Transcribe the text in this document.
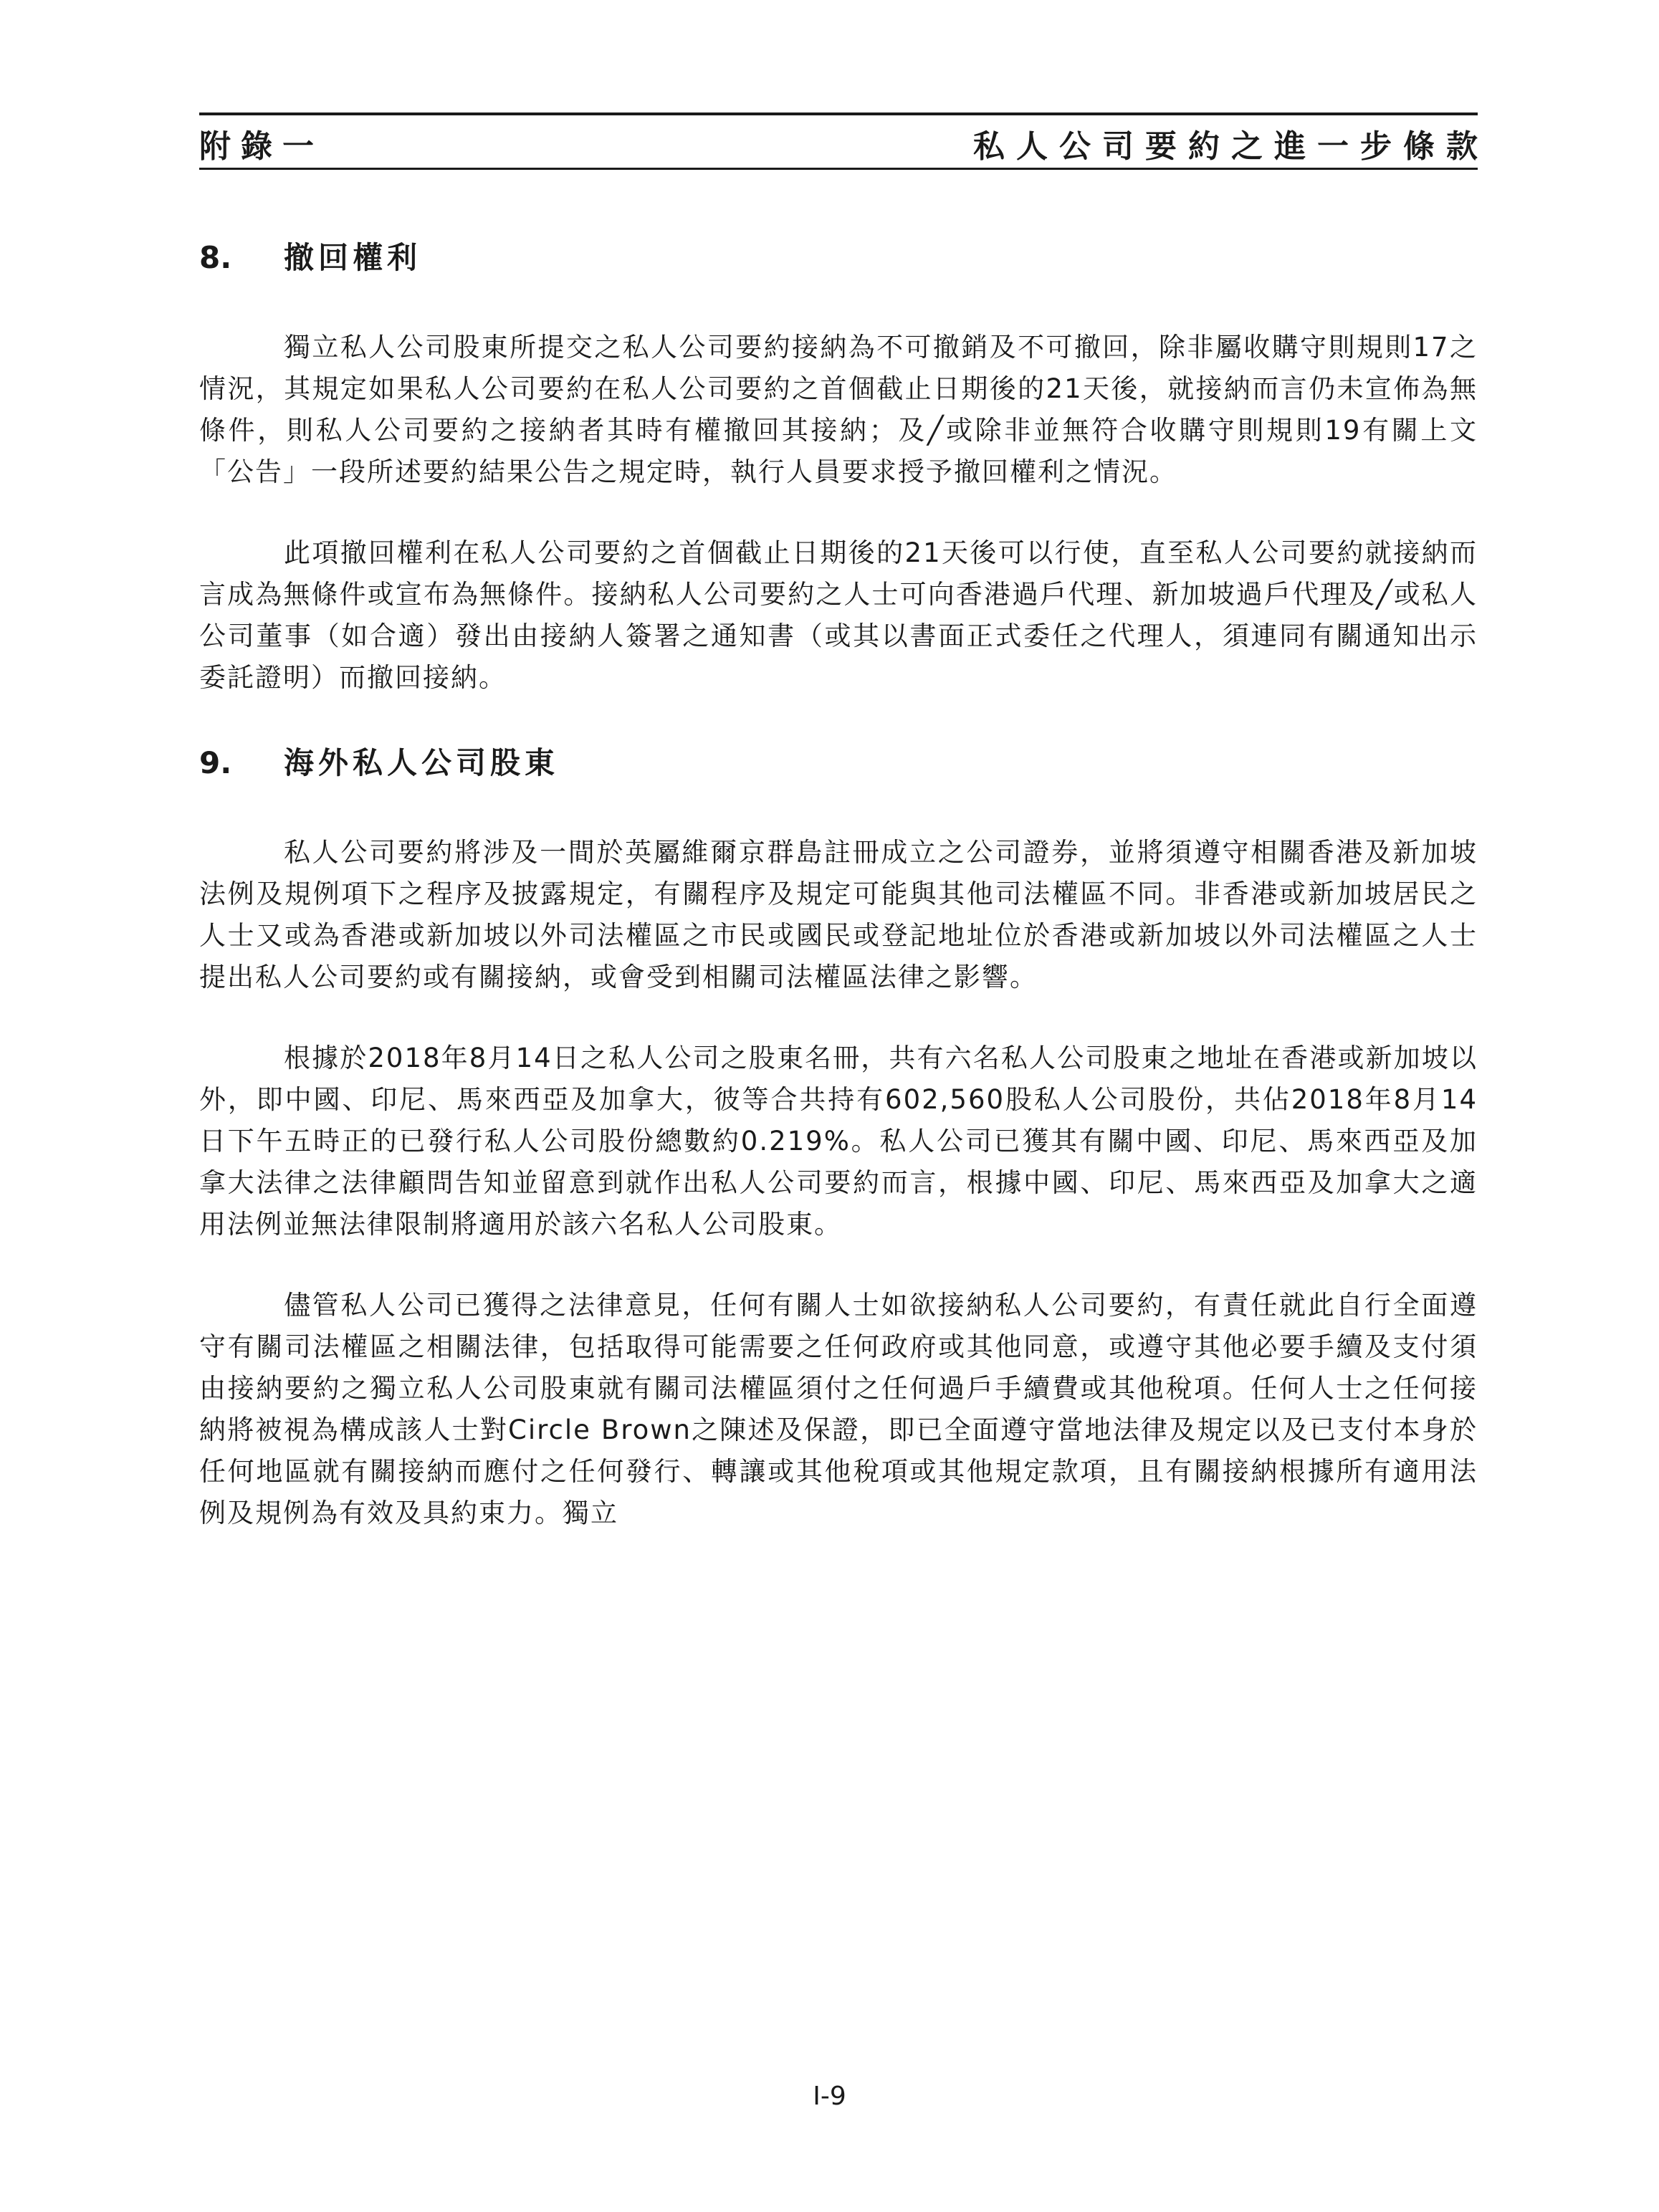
附錄一	私人公司要約之進一步條款
8.	撤回權利

獨立私人公司股東所提交之私人公司要約接納為不可撤銷及不可撤回，除非屬收購守則規則17之情況，其規定如果私人公司要約在私人公司要約之首個截止日期後的21天後，就接納而言仍未宣佈為無條件，則私人公司要約之接納者其時有權撤回其接納；及╱或除非並無符合收購守則規則19有關上文「公告」一段所述要約結果公告之規定時，執行人員要求授予撤回權利之情況。

此項撤回權利在私人公司要約之首個截止日期後的21天後可以行使，直至私人公司要約就接納而言成為無條件或宣布為無條件。接納私人公司要約之人士可向香港過戶代理、新加坡過戶代理及╱或私人公司董事（如合適）發出由接納人簽署之通知書（或其以書面正式委任之代理人，須連同有關通知出示委託證明）而撤回接納。

9.	海外私人公司股東

私人公司要約將涉及一間於英屬維爾京群島註冊成立之公司證券，並將須遵守相關香港及新加坡法例及規例項下之程序及披露規定，有關程序及規定可能與其他司法權區不同。非香港或新加坡居民之人士又或為香港或新加坡以外司法權區之市民或國民或登記地址位於香港或新加坡以外司法權區之人士提出私人公司要約或有關接納，或會受到相關司法權區法律之影響。

根據於2018年8月14日之私人公司之股東名冊，共有六名私人公司股東之地址在香港或新加坡以外，即中國、印尼、馬來西亞及加拿大，彼等合共持有602,560股私人公司股份，共佔2018年8月14日下午五時正的已發行私人公司股份總數約0.219%。私人公司已獲其有關中國、印尼、馬來西亞及加拿大法律之法律顧問告知並留意到就作出私人公司要約而言，根據中國、印尼、馬來西亞及加拿大之適用法例並無法律限制將適用於該六名私人公司股東。

儘管私人公司已獲得之法律意見，任何有關人士如欲接納私人公司要約，有責任就此自行全面遵守有關司法權區之相關法律，包括取得可能需要之任何政府或其他同意，或遵守其他必要手續及支付須由接納要約之獨立私人公司股東就有關司法權區須付之任何過戶手續費或其他稅項。任何人士之任何接納將被視為構成該人士對Circle Brown之陳述及保證，即已全面遵守當地法律及規定以及已支付本身於任何地區就有關接納而應付之任何發行、轉讓或其他稅項或其他規定款項，且有關接納根據所有適用法例及規例為有效及具約束力。獨立

I-9
